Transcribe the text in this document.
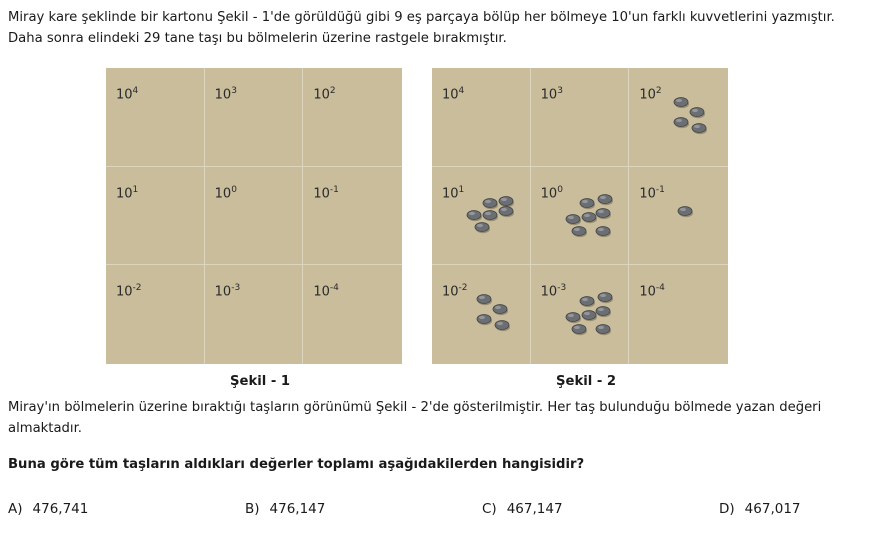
Miray kare şeklinde bir kartonu Şekil - 1'de görüldüğü gibi 9 eş parçaya bölüp her bölmeye 10'un farklı kuvvetlerini yazmıştır. Daha sonra elindeki 29 tane taşı bu bölmelerin üzerine rastgele bırakmıştır.
$10^4$	$10^3$	$10^2$
$10^1$	$10^0$	$10^{-1}$
$10^{-2}$	$10^{-3}$	$10^{-4}$
$10^4$	$10^3$	$10^2$
$10^1$	$10^0$	$10^{-1}$
$10^{-2}$	$10^{-3}$	$10^{-4}$
Şekil - 1	Şekil - 2
Miray'ın bölmelerin üzerine bıraktığı taşların görünümü Şekil - 2'de gösterilmiştir. Her taş bulunduğu bölmede yazan değeri almaktadır.
Buna göre tüm taşların aldıkları değerler toplamı aşağıdakilerden hangisidir?
A) 476,741	B) 476,147	C) 467,147	D) 467,017
